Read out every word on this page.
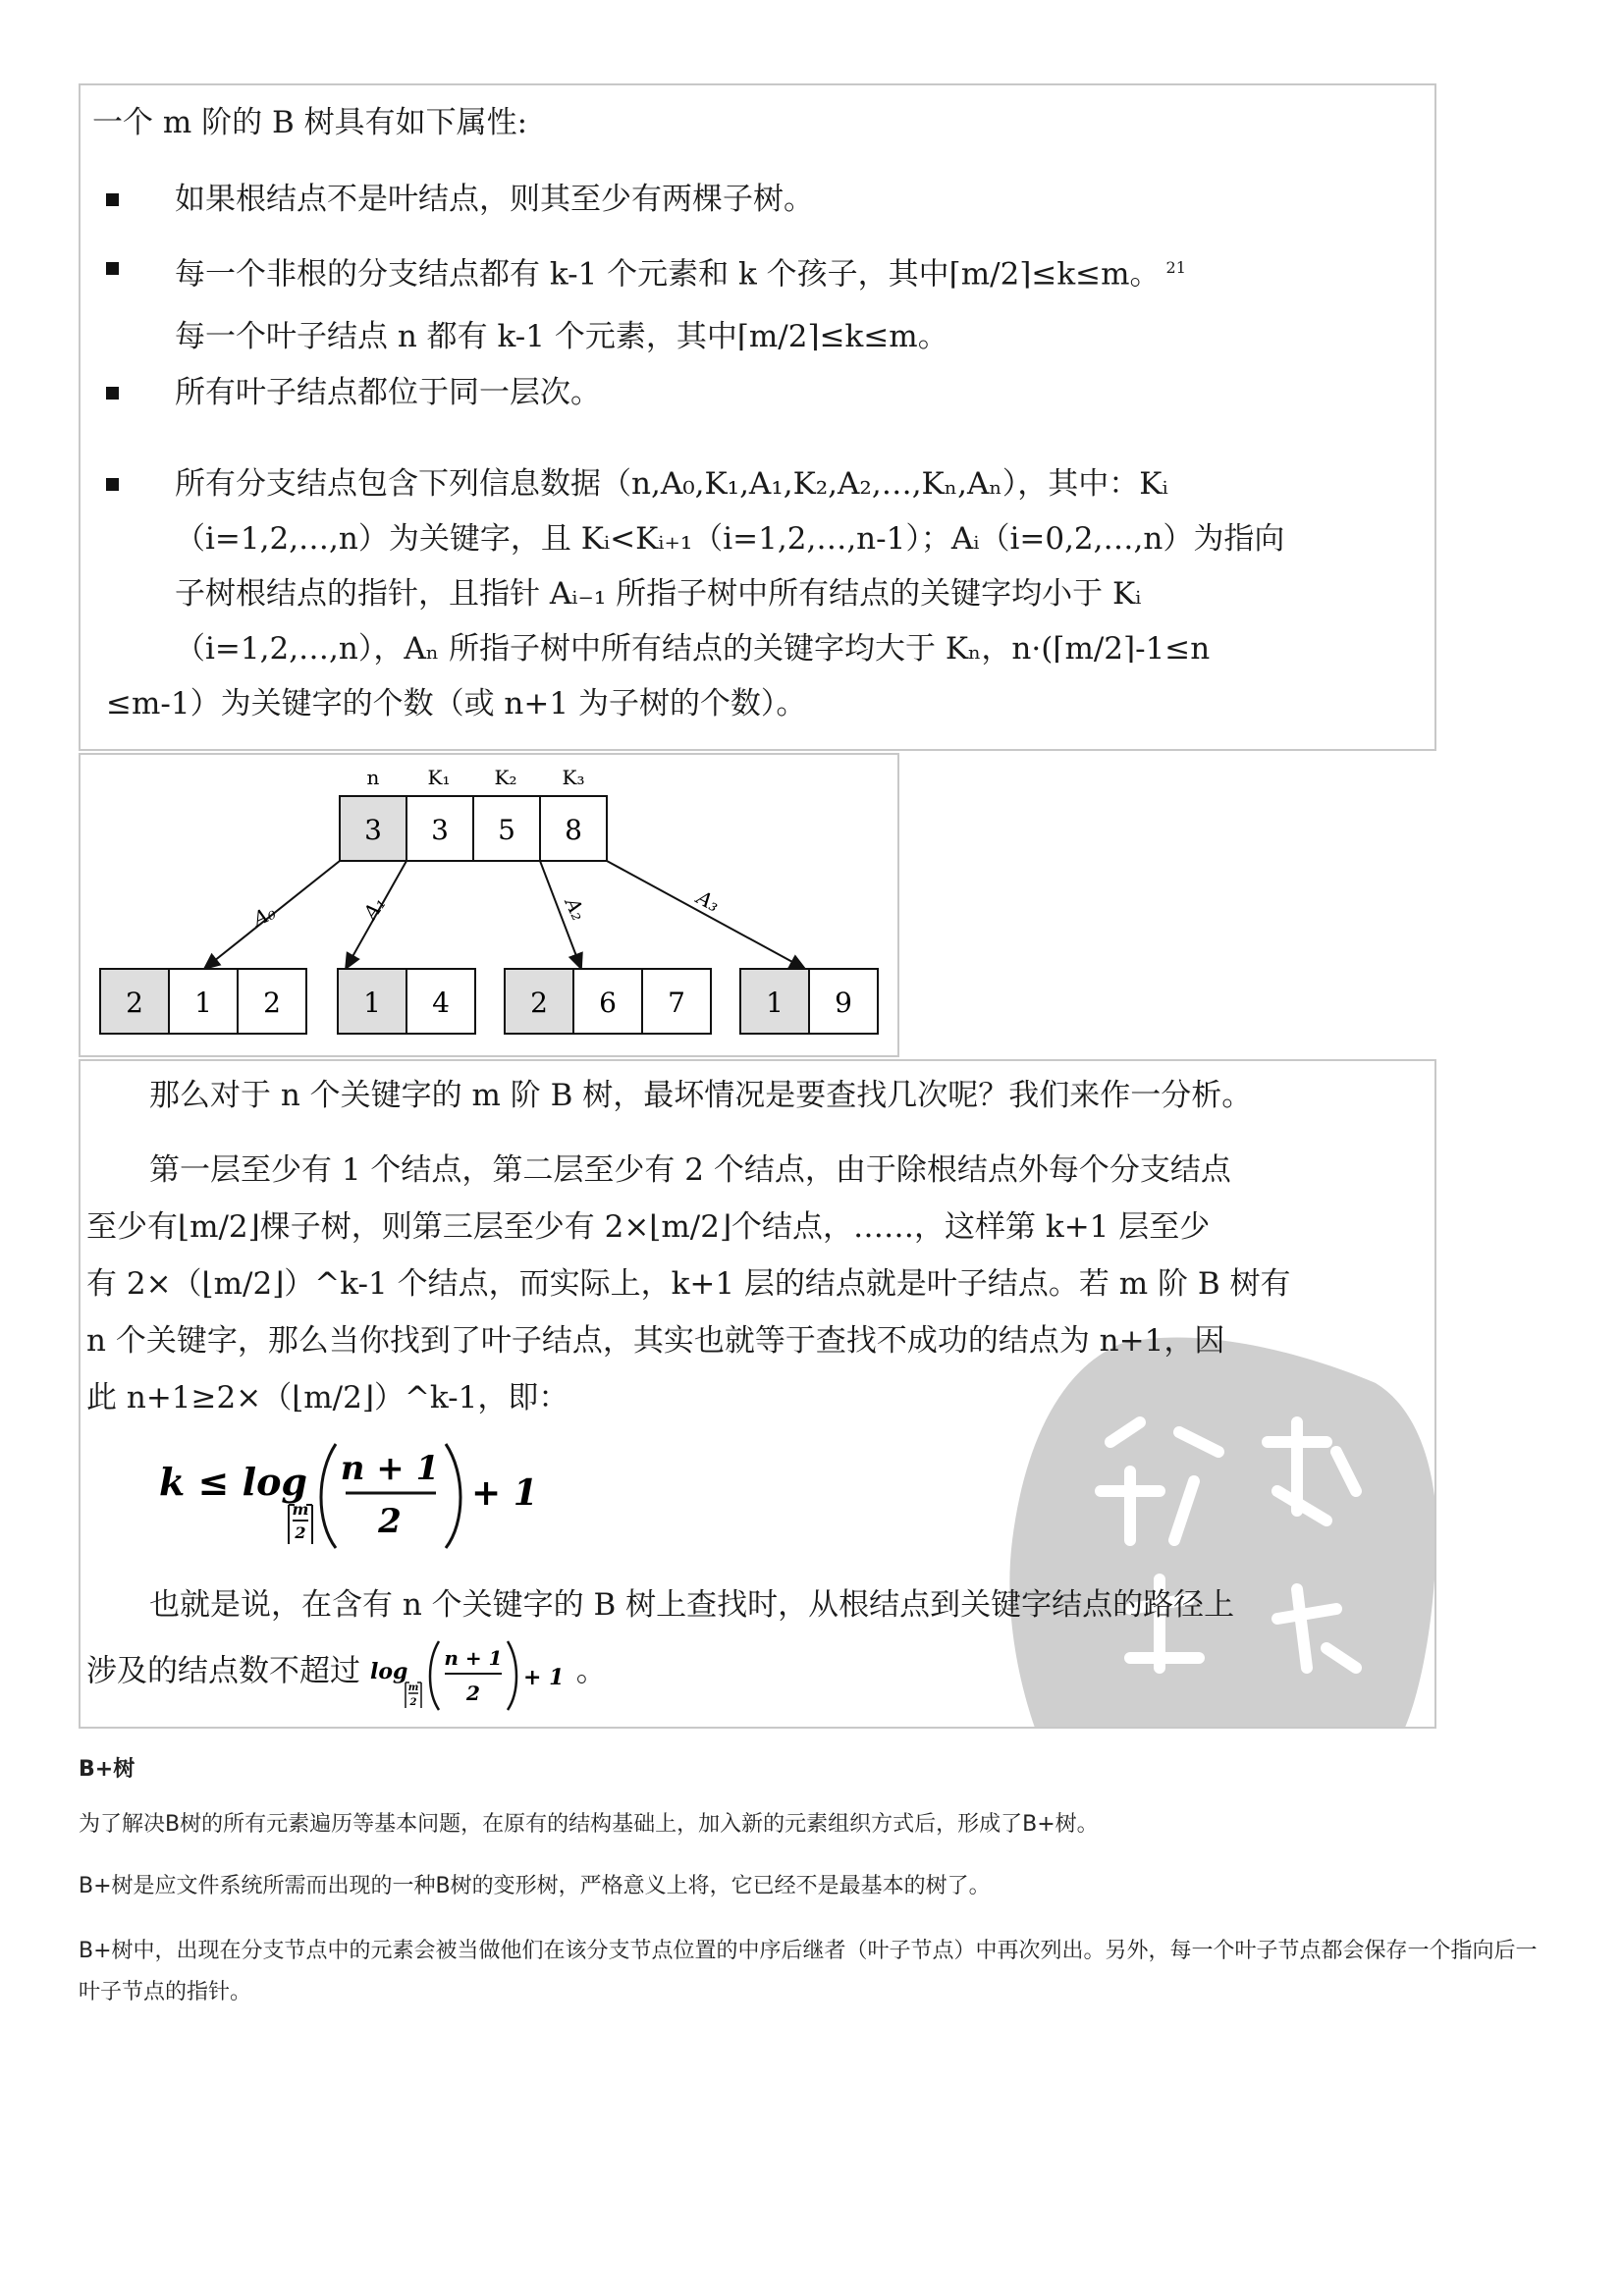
一个 m 阶的 B 树具有如下属性:
如果根结点不是叶结点，则其至少有两棵子树。
每一个非根的分支结点都有 k-1 个元素和 k 个孩子，其中⌈m/2⌉≤k≤m。 $^{21}$
每一个叶子结点 n 都有 k-1 个元素，其中⌈m/2⌉≤k≤m。
所有叶子结点都位于同一层次。
所有分支结点包含下列信息数据（n,A₀,K₁,A₁,K₂,A₂,…,Kₙ,Aₙ），其中：Kᵢ
（i=1,2,…,n）为关键字，且 Kᵢ<Kᵢ₊₁（i=1,2,…,n-1）；Aᵢ（i=0,2,…,n）为指向
子树根结点的指针，且指针 Aᵢ₋₁ 所指子树中所有结点的关键字均小于 Kᵢ
（i=1,2,…,n），Aₙ 所指子树中所有结点的关键字均大于 Kₙ，n·(⌈m/2⌉-1≤n
≤m-1）为关键字的个数（或 n+1 为子树的个数）。
n K₁ K₂ K₃
3 3 5 8
A₀	A₁	A₂	A₃
2 1 2	1 4	2 6 7	1 9

那么对于 n 个关键字的 m 阶 B 树，最坏情况是要查找几次呢？我们来作一分析。

第一层至少有 1 个结点，第二层至少有 2 个结点，由于除根结点外每个分支结点
至少有⌊m/2⌋棵子树，则第三层至少有 2×⌊m/2⌋个结点，……，这样第 k+1 层至少
有 2×（⌊m/2⌋）^k-1 个结点，而实际上，k+1 层的结点就是叶子结点。若 m 阶 B 树有
n 个关键字，那么当你找到了叶子结点，其实也就等于查找不成功的结点为 n+1，因
此 n+1≥2×（⌊m/2⌋）^k-1，即：

k ≤ log
m
2
n + 1
2
+ 1

也就是说，在含有 n 个关键字的 B 树上查找时，从根结点到关键字结点的路径上
涉及的结点数不超过 log
m
2
n + 1
2
+ 1 。

B+树
为了解决B树的所有元素遍历等基本问题，在原有的结构基础上，加入新的元素组织方式后，形成了B+树。
B+树是应文件系统所需而出现的一种B树的变形树，严格意义上将，它已经不是最基本的树了。
B+树中，出现在分支节点中的元素会被当做他们在该分支节点位置的中序后继者（叶子节点）中再次列出。另外，每一个叶子节点都会保存一个指向后一叶子节点的指针。
